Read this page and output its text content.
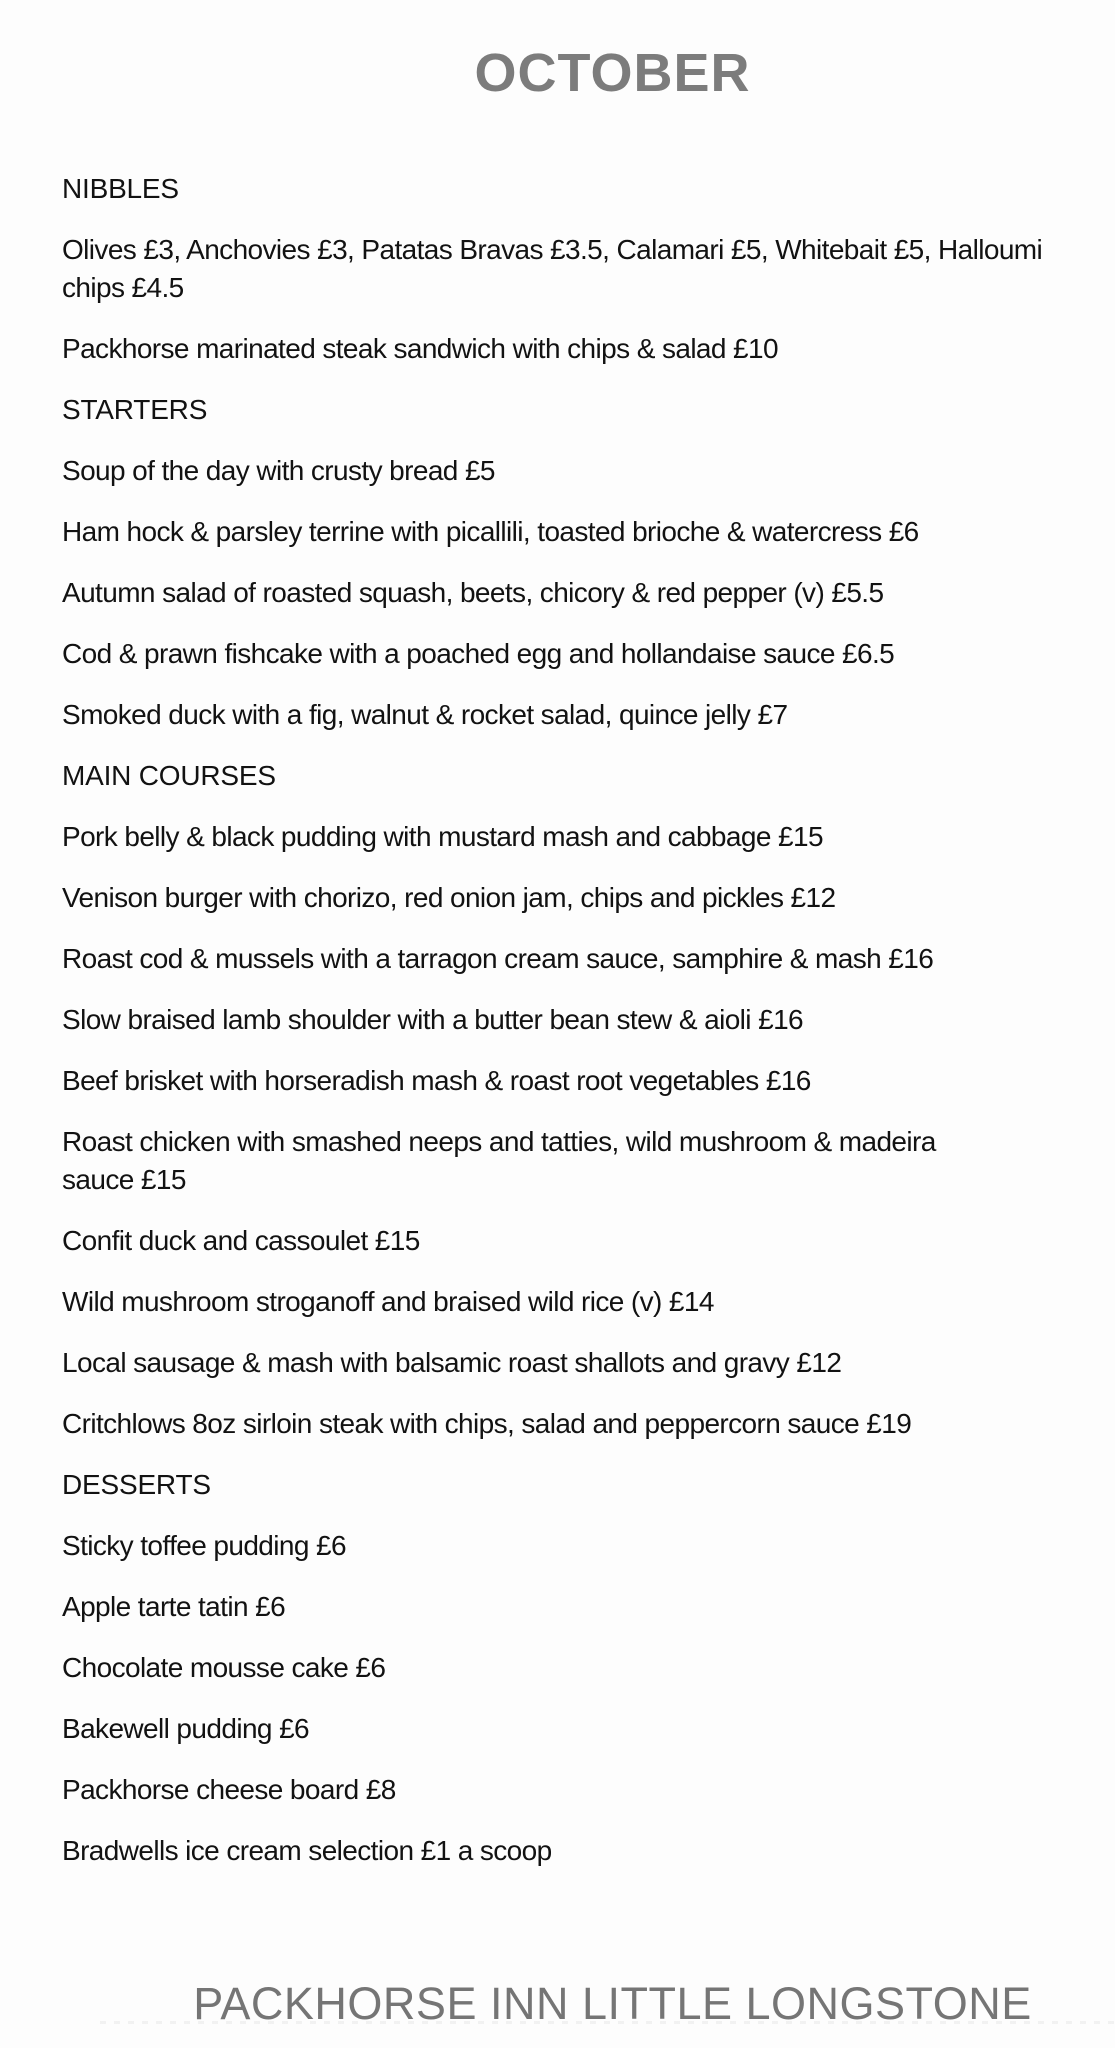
OCTOBER
NIBBLES

Olives £3, Anchovies £3, Patatas Bravas £3.5, Calamari £5, Whitebait £5, Halloumi
chips £4.5

Packhorse marinated steak sandwich with chips & salad £10

STARTERS

Soup of the day with crusty bread £5

Ham hock & parsley terrine with picallili, toasted brioche & watercress £6

Autumn salad of roasted squash, beets, chicory & red pepper (v) £5.5

Cod & prawn fishcake with a poached egg and hollandaise sauce £6.5

Smoked duck with a fig, walnut & rocket salad, quince jelly £7

MAIN COURSES

Pork belly & black pudding with mustard mash and cabbage £15

Venison burger with chorizo, red onion jam, chips and pickles £12

Roast cod & mussels with a tarragon cream sauce, samphire & mash £16

Slow braised lamb shoulder with a butter bean stew & aioli £16

Beef brisket with horseradish mash & roast root vegetables £16

Roast chicken with smashed neeps and tatties, wild mushroom & madeira
sauce £15

Confit duck and cassoulet £15

Wild mushroom stroganoff and braised wild rice (v) £14

Local sausage & mash with balsamic roast shallots and gravy £12

Critchlows 8oz sirloin steak with chips, salad and peppercorn sauce £19

DESSERTS

Sticky toffee pudding £6

Apple tarte tatin £6

Chocolate mousse cake £6

Bakewell pudding £6

Packhorse cheese board £8

Bradwells ice cream selection £1 a scoop

PACKHORSE INN LITTLE LONGSTONE
